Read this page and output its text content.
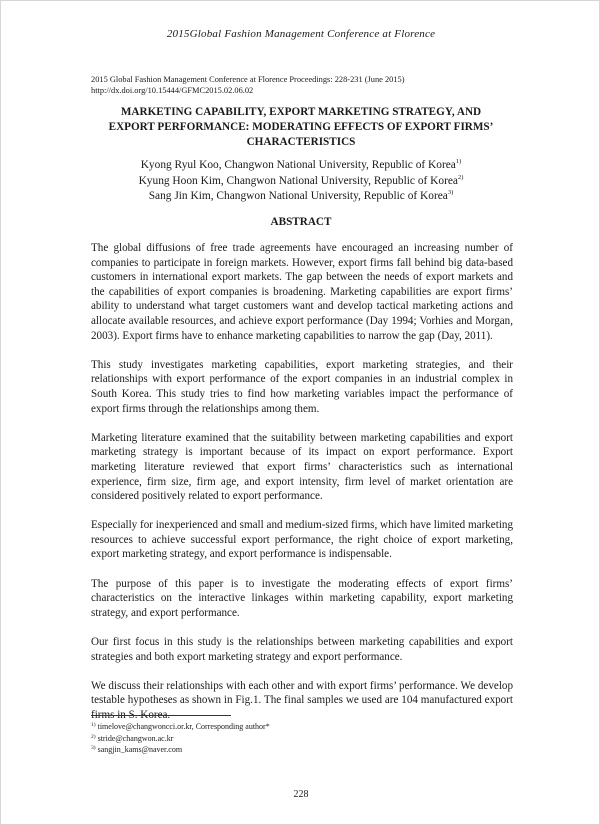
2015Global Fashion Management Conference at Florence
2015 Global Fashion Management Conference at Florence Proceedings: 228-231 (June 2015)
http://dx.doi.org/10.15444/GFMC2015.02.06.02
MARKETING CAPABILITY, EXPORT MARKETING STRATEGY, AND
EXPORT PERFORMANCE: MODERATING EFFECTS OF EXPORT FIRMS’
CHARACTERISTICS
Kyong Ryul Koo, Changwon National University, Republic of Korea$^{1)}$
Kyung Hoon Kim, Changwon National University, Republic of Korea$^{2)}$
Sang Jin Kim, Changwon National University, Republic of Korea$^{3)}$
ABSTRACT

The global diffusions of free trade agreements have encouraged an increasing number of companies to participate in foreign markets. However, export firms fall behind big data-based customers in international export markets. The gap between the needs of export markets and the capabilities of export companies is broadening. Marketing capabilities are export firms’ ability to understand what target customers want and develop tactical marketing actions and allocate available resources, and achieve export performance (Day 1994; Vorhies and Morgan, 2003). Export firms have to enhance marketing capabilities to narrow the gap (Day, 2011).

This study investigates marketing capabilities, export marketing strategies, and their relationships with export performance of the export companies in an industrial complex in South Korea. This study tries to find how marketing variables impact the performance of export firms through the relationships among them.

Marketing literature examined that the suitability between marketing capabilities and export marketing strategy is important because of its impact on export performance. Export marketing literature reviewed that export firms’ characteristics such as international experience, firm size, firm age, and export intensity, firm level of market orientation are considered positively related to export performance.

Especially for inexperienced and small and medium-sized firms, which have limited marketing resources to achieve successful export performance, the right choice of export marketing, export marketing strategy, and export performance is indispensable.

The purpose of this paper is to investigate the moderating effects of export firms’ characteristics on the interactive linkages within marketing capability, export marketing strategy, and export performance.

Our first focus in this study is the relationships between marketing capabilities and export strategies and both export marketing strategy and export performance.

We discuss their relationships with each other and with export firms’ performance. We develop testable hypotheses as shown in Fig.1. The final samples we used are 104 manufactured export firms in S. Korea.

$^{1)}$ timelove@changwoncci.or.kr, Corresponding author*
$^{2)}$ stride@changwon.ac.kr
$^{3)}$ sangjin_kams@naver.com
228
